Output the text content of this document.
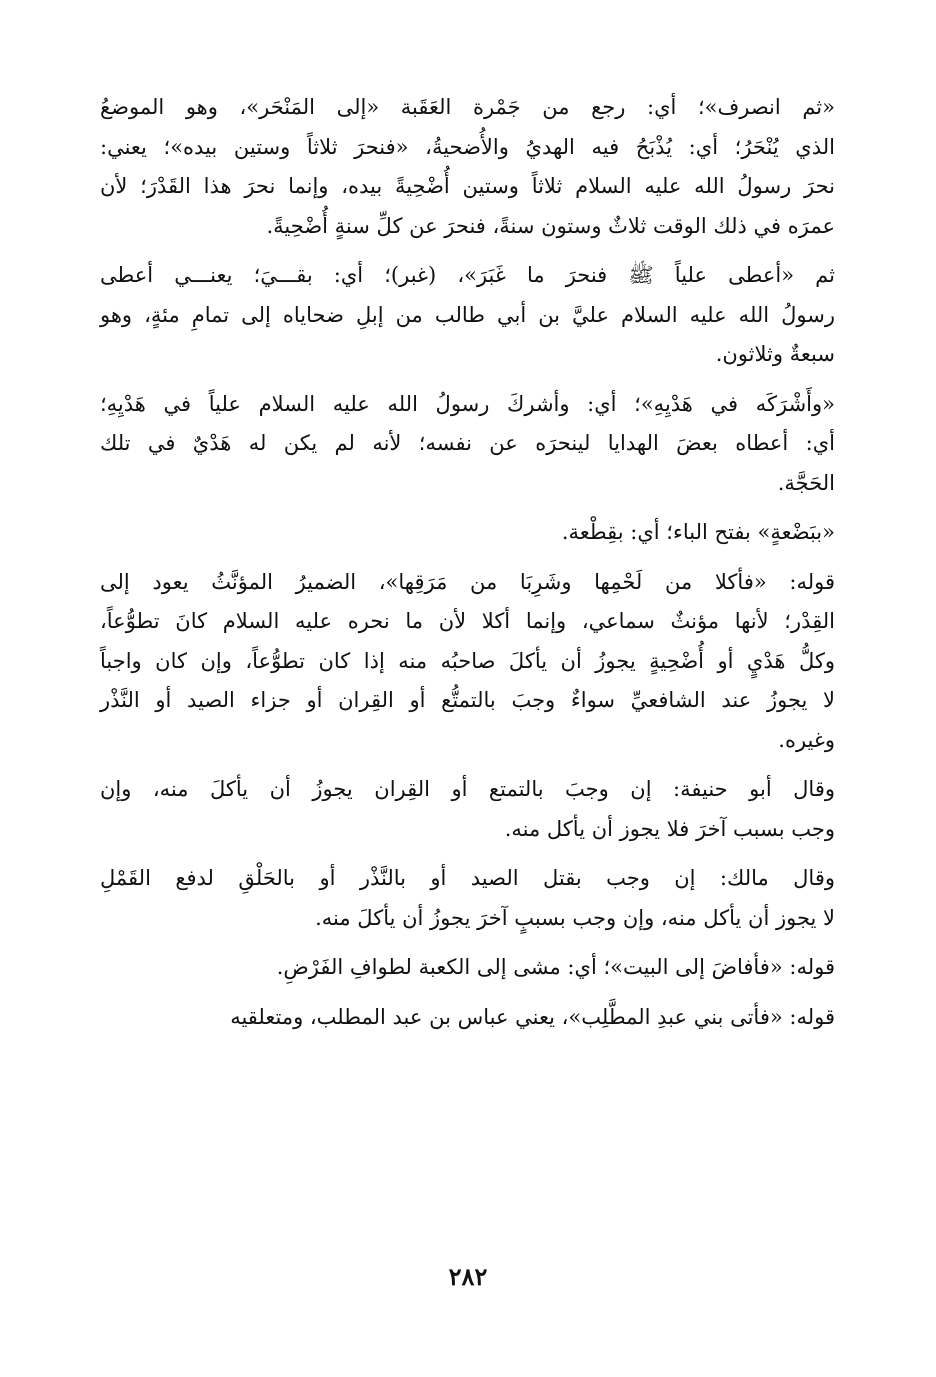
«ثم انصرف»؛ أي: رجع من جَمْرة العَقَبة «إلى المَنْحَر»، وهو الموضعُ
الذي يُنْحَرُ؛ أي: يُذْبَحُ فيه الهديُ والأُضحيةُ، «فنحرَ ثلاثاً وستين بيده»؛ يعني:
نحرَ رسولُ الله عليه السلام ثلاثاً وستين أُضْحِيةً بيده، وإنما نحرَ هذا القَدْرَ؛ لأن
عمرَه في ذلك الوقت ثلاثٌ وستون سنةً، فنحرَ عن كلِّ سنةٍ أُضْحِيةً.
ثم «أعطى علياً ﷺ فنحرَ ما غَبَرَ»، (غبر)؛ أي: بقـــيَ؛ يعنـــي أعطى
رسولُ الله عليه السلام عليَّ بن أبي طالب من إبلِ ضحاياه إلى تمامِ مئةٍ، وهو
سبعةٌ وثلاثون.
«وأَشْرَكَه في هَدْيِهِ»؛ أي: وأشركَ رسولُ الله عليه السلام علياً في هَدْيِهِ؛
أي: أعطاه بعضَ الهدايا لينحرَه عن نفسه؛ لأنه لم يكن له هَدْيٌ في تلك
الحَجَّة.
«ببَضْعةٍ» بفتح الباء؛ أي: بقِطْعة.
قوله: «فأكلا من لَحْمِها وشَرِبَا من مَرَقِها»، الضميرُ المؤنَّثُ يعود إلى
القِدْر؛ لأنها مؤنثٌ سماعي، وإنما أكلا لأن ما نحره عليه السلام كانَ تطوُّعاً،
وكلُّ هَدْيٍ أو أُضْحِيةٍ يجوزُ أن يأكلَ صاحبُه منه إذا كان تطوُّعاً، وإن كان واجباً
لا يجوزُ عند الشافعيِّ سواءٌ وجبَ بالتمتُّع أو القِران أو جزاء الصيد أو النَّذْر
وغيره.
وقال أبو حنيفة: إن وجبَ بالتمتع أو القِران يجوزُ أن يأكلَ منه، وإن
وجب بسبب آخرَ فلا يجوز أن يأكل منه.
وقال مالك: إن وجب بقتل الصيد أو بالنَّذْر أو بالحَلْقِ لدفع القَمْلِ
لا يجوز أن يأكل منه، وإن وجب بسببٍ آخرَ يجوزُ أن يأكلَ منه.
قوله: «فأفاضَ إلى البيت»؛ أي: مشى إلى الكعبة لطوافِ الفَرْضِ.
قوله: «فأتى بني عبدِ المطَّلِب»، يعني عباس بن عبد المطلب، ومتعلقيه
٢٨٢
